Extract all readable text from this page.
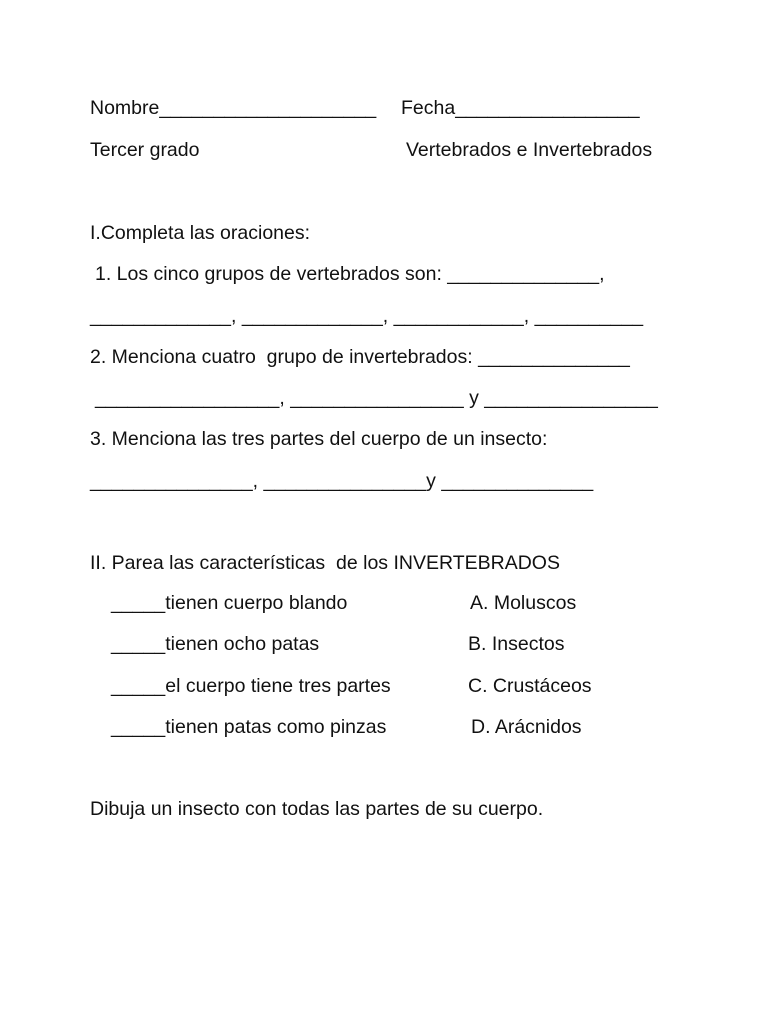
Nombre____________________ Fecha_________________
Tercer grado	Vertebrados e Invertebrados
I.Completa las oraciones:
1. Los cinco grupos de vertebrados son: ______________,
_____________, _____________, ____________, __________
2. Menciona cuatro  grupo de invertebrados: ______________
_________________, ________________ y ________________
3. Menciona las tres partes del cuerpo de un insecto:
_______________, _______________y ______________
II. Parea las características  de los INVERTEBRADOS
_____tienen cuerpo blando	A. Moluscos
_____tienen ocho patas	B. Insectos
_____el cuerpo tiene tres partes	C. Crustáceos
_____tienen patas como pinzas	D. Arácnidos
Dibuja un insecto con todas las partes de su cuerpo.
